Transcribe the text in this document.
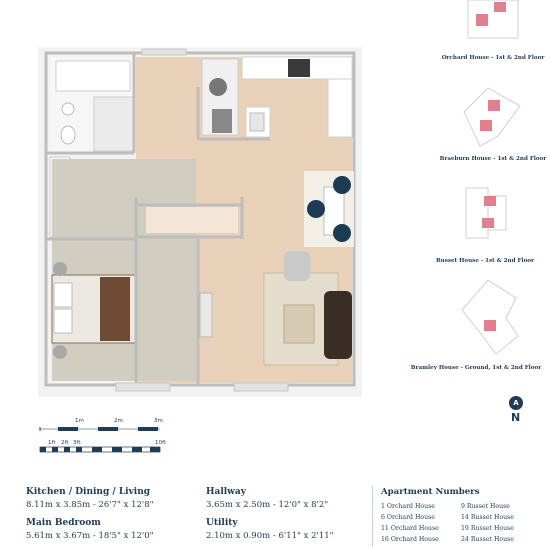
Orchard House - 1st & 2nd Floor
Braeburn House - 1st & 2nd Floor
Russet House - 1st & 2nd Floor
Bramley House - Ground, 1st & 2nd Floor
A
N
1m	2m	3m
1ft 2ft 3ft	10ft
Kitchen / Dining / Living
8.11m x 3.85m - 26'7" x 12'8"
Main Bedroom
5.61m x 3.67m - 18'5" x 12'0"
Hallway
3.65m x 2.50m - 12'0" x 8'2"
Utility
2.10m x 0.90m - 6'11" x 2'11"
Apartment Numbers
1 Orchard House
6 Orchard House
11 Orchard House
16 Orchard House
9 Russet House
14 Russet House
19 Russet House
24 Russet House
